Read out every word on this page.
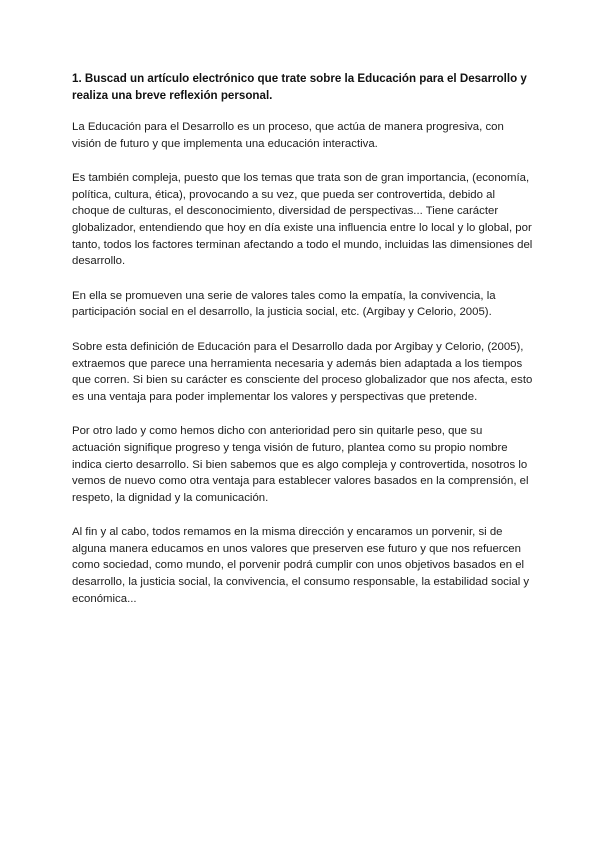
1. Buscad un artículo electrónico que trate sobre la Educación para el Desarrollo y realiza una breve reflexión personal.

La Educación para el Desarrollo es un proceso, que actúa de manera progresiva, con visión de futuro y que implementa una educación interactiva.

Es también compleja, puesto que los temas que trata son de gran importancia, (economía, política, cultura, ética), provocando a su vez, que pueda ser controvertida, debido al choque de culturas, el desconocimiento, diversidad de perspectivas... Tiene carácter globalizador, entendiendo que hoy en día existe una influencia entre lo local y lo global, por tanto, todos los factores terminan afectando a todo el mundo, incluidas las dimensiones del desarrollo.

En ella se promueven una serie de valores tales como la empatía, la convivencia, la participación social en el desarrollo, la justicia social, etc. (Argibay y Celorio, 2005).

Sobre esta definición de Educación para el Desarrollo dada por Argibay y Celorio, (2005), extraemos que parece una herramienta necesaria y además bien adaptada a los tiempos que corren. Si bien su carácter es consciente del proceso globalizador que nos afecta, esto es una ventaja para poder implementar los valores y perspectivas que pretende.

Por otro lado y como hemos dicho con anterioridad pero sin quitarle peso, que su actuación signifique progreso y tenga visión de futuro, plantea como su propio nombre indica cierto desarrollo. Si bien sabemos que es algo compleja y controvertida, nosotros lo vemos de nuevo como otra ventaja para establecer valores basados en la comprensión, el respeto, la dignidad y la comunicación.

Al fin y al cabo, todos remamos en la misma dirección y encaramos un porvenir, si de alguna manera educamos en unos valores que preserven ese futuro y que nos refuercen como sociedad, como mundo, el porvenir podrá cumplir con unos objetivos basados en el desarrollo, la justicia social, la convivencia, el consumo responsable, la estabilidad social y económica...
